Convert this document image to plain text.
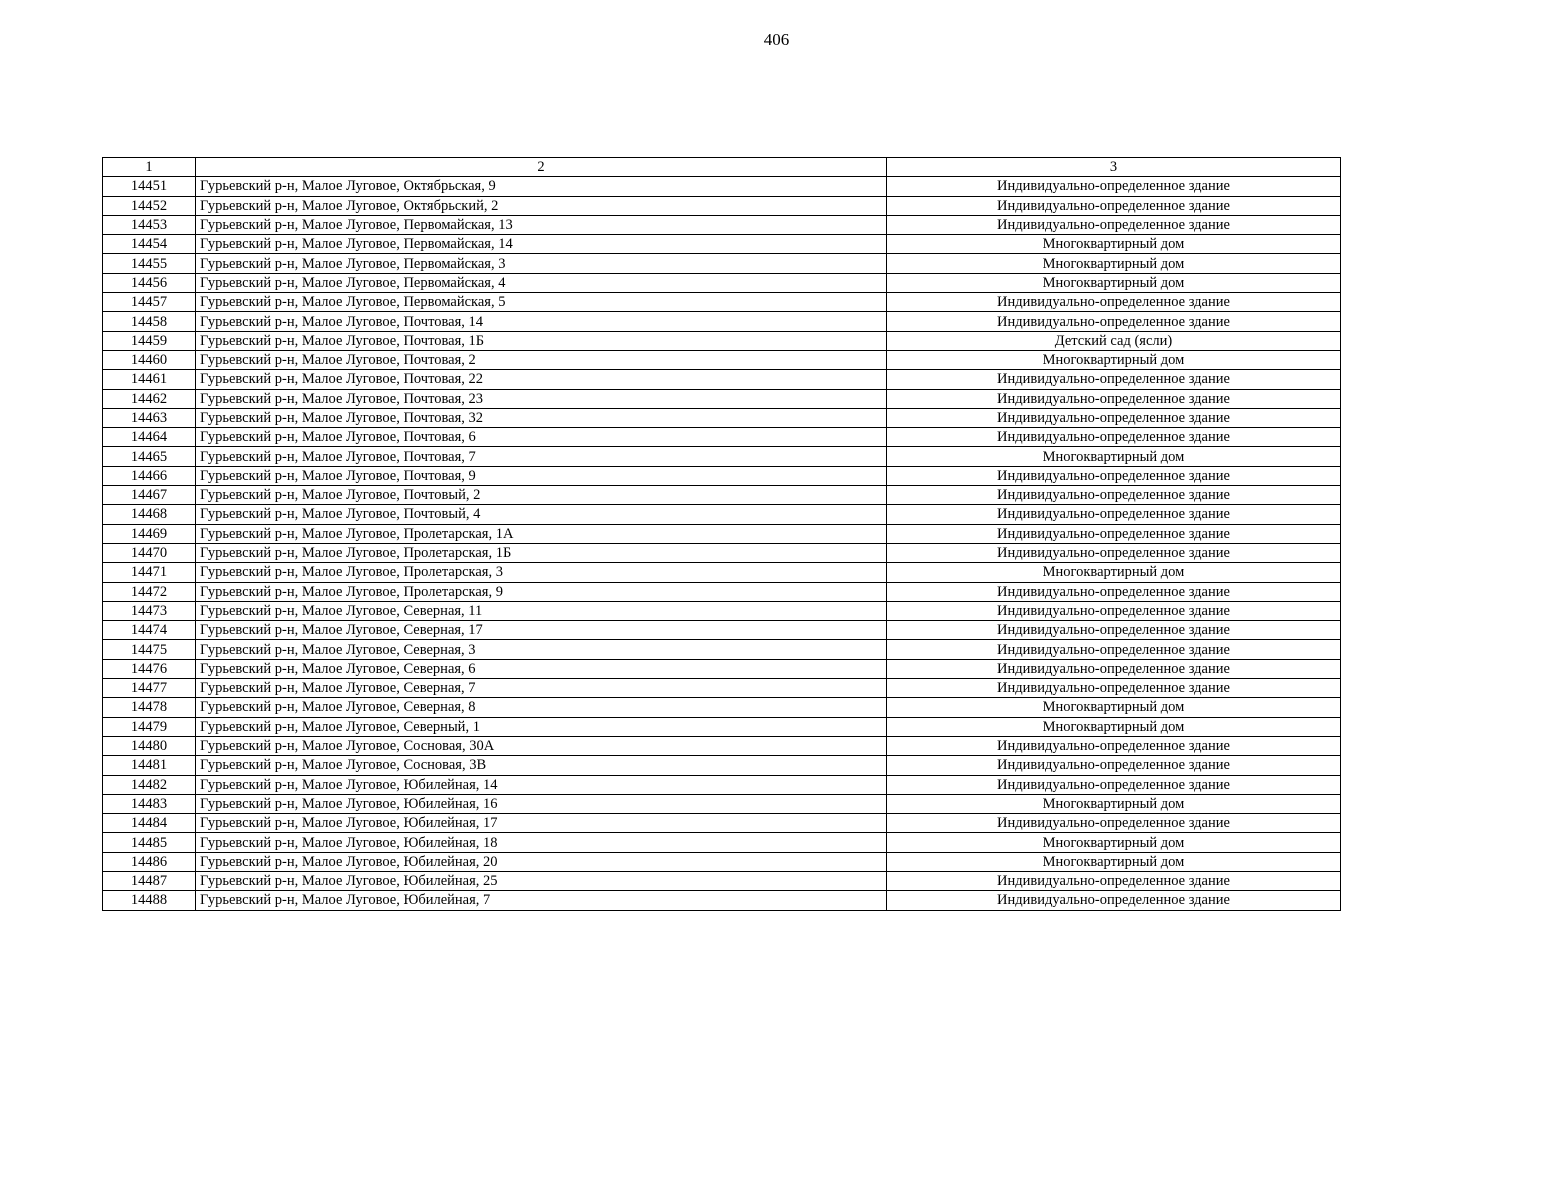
406
1	2	3
14451	Гурьевский р-н, Малое Луговое, Октябрьская, 9	Индивидуально-определенное здание
14452	Гурьевский р-н, Малое Луговое, Октябрьский, 2	Индивидуально-определенное здание
14453	Гурьевский р-н, Малое Луговое, Первомайская, 13	Индивидуально-определенное здание
14454	Гурьевский р-н, Малое Луговое, Первомайская, 14	Многоквартирный дом
14455	Гурьевский р-н, Малое Луговое, Первомайская, 3	Многоквартирный дом
14456	Гурьевский р-н, Малое Луговое, Первомайская, 4	Многоквартирный дом
14457	Гурьевский р-н, Малое Луговое, Первомайская, 5	Индивидуально-определенное здание
14458	Гурьевский р-н, Малое Луговое, Почтовая, 14	Индивидуально-определенное здание
14459	Гурьевский р-н, Малое Луговое, Почтовая, 1Б	Детский сад (ясли)
14460	Гурьевский р-н, Малое Луговое, Почтовая, 2	Многоквартирный дом
14461	Гурьевский р-н, Малое Луговое, Почтовая, 22	Индивидуально-определенное здание
14462	Гурьевский р-н, Малое Луговое, Почтовая, 23	Индивидуально-определенное здание
14463	Гурьевский р-н, Малое Луговое, Почтовая, 32	Индивидуально-определенное здание
14464	Гурьевский р-н, Малое Луговое, Почтовая, 6	Индивидуально-определенное здание
14465	Гурьевский р-н, Малое Луговое, Почтовая, 7	Многоквартирный дом
14466	Гурьевский р-н, Малое Луговое, Почтовая, 9	Индивидуально-определенное здание
14467	Гурьевский р-н, Малое Луговое, Почтовый, 2	Индивидуально-определенное здание
14468	Гурьевский р-н, Малое Луговое, Почтовый, 4	Индивидуально-определенное здание
14469	Гурьевский р-н, Малое Луговое, Пролетарская, 1А	Индивидуально-определенное здание
14470	Гурьевский р-н, Малое Луговое, Пролетарская, 1Б	Индивидуально-определенное здание
14471	Гурьевский р-н, Малое Луговое, Пролетарская, 3	Многоквартирный дом
14472	Гурьевский р-н, Малое Луговое, Пролетарская, 9	Индивидуально-определенное здание
14473	Гурьевский р-н, Малое Луговое, Северная, 11	Индивидуально-определенное здание
14474	Гурьевский р-н, Малое Луговое, Северная, 17	Индивидуально-определенное здание
14475	Гурьевский р-н, Малое Луговое, Северная, 3	Индивидуально-определенное здание
14476	Гурьевский р-н, Малое Луговое, Северная, 6	Индивидуально-определенное здание
14477	Гурьевский р-н, Малое Луговое, Северная, 7	Индивидуально-определенное здание
14478	Гурьевский р-н, Малое Луговое, Северная, 8	Многоквартирный дом
14479	Гурьевский р-н, Малое Луговое, Северный, 1	Многоквартирный дом
14480	Гурьевский р-н, Малое Луговое, Сосновая, 30А	Индивидуально-определенное здание
14481	Гурьевский р-н, Малое Луговое, Сосновая, 3В	Индивидуально-определенное здание
14482	Гурьевский р-н, Малое Луговое, Юбилейная, 14	Индивидуально-определенное здание
14483	Гурьевский р-н, Малое Луговое, Юбилейная, 16	Многоквартирный дом
14484	Гурьевский р-н, Малое Луговое, Юбилейная, 17	Индивидуально-определенное здание
14485	Гурьевский р-н, Малое Луговое, Юбилейная, 18	Многоквартирный дом
14486	Гурьевский р-н, Малое Луговое, Юбилейная, 20	Многоквартирный дом
14487	Гурьевский р-н, Малое Луговое, Юбилейная, 25	Индивидуально-определенное здание
14488	Гурьевский р-н, Малое Луговое, Юбилейная, 7	Индивидуально-определенное здание
